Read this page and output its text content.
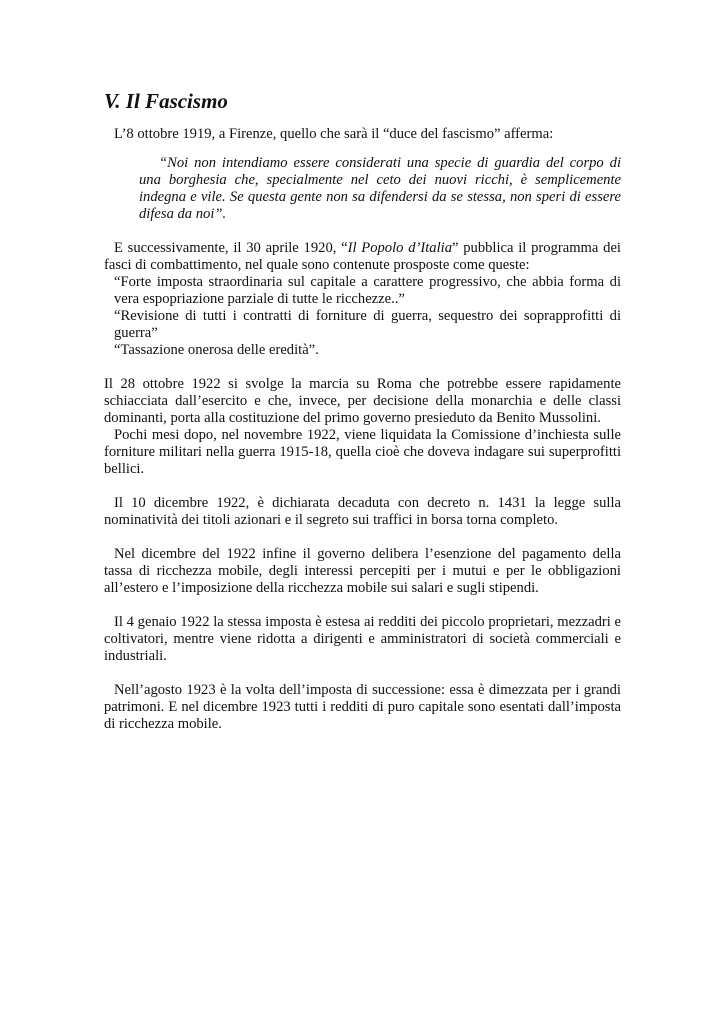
V. Il Fascismo

L’8 ottobre 1919, a Firenze, quello che sarà il “duce del fascismo” afferma:

“Noi non intendiamo essere considerati una specie di guardia del corpo di una borghesia che, specialmente nel ceto dei nuovi ricchi, è semplicemente indegna e vile. Se questa gente non sa difendersi da se stessa, non speri di essere difesa da noi”.

E successivamente, il 30 aprile 1920, “Il Popolo d’Italia” pubblica il programma dei fasci di combattimento, nel quale sono contenute prosposte come queste:

“Forte imposta straordinaria sul capitale a carattere progressivo, che abbia forma di vera espopriazione parziale di tutte le ricchezze..”

“Revisione di tutti i contratti di forniture di guerra, sequestro dei soprapprofitti di guerra”

“Tassazione onerosa delle eredità”.

Il 28 ottobre 1922 si svolge la marcia su Roma che potrebbe essere rapidamente schiacciata dall’esercito e che, invece, per decisione della monarchia e delle classi dominanti, porta alla costituzione del primo governo presieduto da Benito Mussolini.

Pochi mesi dopo, nel novembre 1922, viene liquidata la Comissione d’inchiesta sulle forniture militari nella guerra 1915-18, quella cioè che doveva indagare sui superprofitti bellici.

Il 10 dicembre 1922, è dichiarata decaduta con decreto n. 1431 la legge sulla nominatività dei titoli azionari e il segreto sui traffici in borsa torna completo.

Nel dicembre del 1922 infine il governo delibera l’esenzione del pagamento della tassa di ricchezza mobile, degli interessi percepiti per i mutui e per le obbligazioni all’estero e l’imposizione della ricchezza mobile sui salari e sugli stipendi.

Il 4 genaio 1922 la stessa imposta è estesa ai redditi dei piccolo proprietari, mezzadri e coltivatori, mentre viene ridotta a dirigenti e amministratori di società commerciali e industriali.

Nell’agosto 1923 è la volta dell’imposta di successione: essa è dimezzata per i grandi patrimoni. E nel dicembre 1923 tutti i redditi di puro capitale sono esentati dall’imposta di ricchezza mobile.
